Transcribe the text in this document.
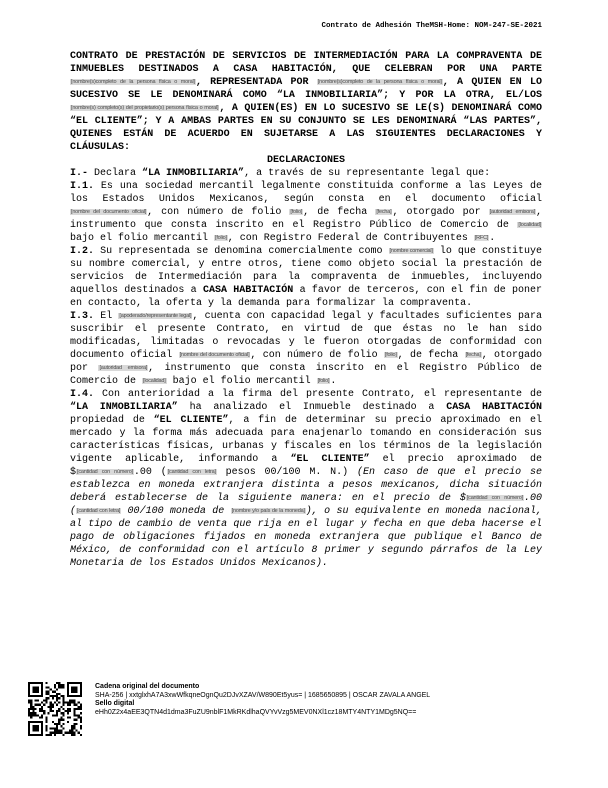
Contrato de Adhesión TheMSH-Home: NOM-247-SE-2021
CONTRATO DE PRESTACIÓN DE SERVICIOS DE INTERMEDIACIÓN PARA LA COMPRAVENTA DE INMUEBLES DESTINADOS A CASA HABITACIÓN, QUE CELEBRAN POR UNA PARTE [nombre(s)completo de la persona física o moral], REPRESENTADA POR [nombre(s)completo de la persona física o moral], A QUIEN EN LO SUCESIVO SE LE DENOMINARÁ COMO “LA INMOBILIARIA”; Y POR LA OTRA, EL/LOS [nombre(s) completo(s) del propietario(s) persona física o moral], A QUIEN(ES) EN LO SUCESIVO SE LE(S) DENOMINARÁ COMO “EL CLIENTE”; Y A AMBAS PARTES EN SU CONJUNTO SE LES DENOMINARÁ “LAS PARTES”, QUIENES ESTÁN DE ACUERDO EN SUJETARSE A LAS SIGUIENTES DECLARACIONES Y CLÁUSULAS:
DECLARACIONES
I.- Declara “LA INMOBILIARIA”, a través de su representante legal que:
I.1. Es una sociedad mercantil legalmente constituida conforme a las Leyes de los Estados Unidos Mexicanos, según consta en el documento oficial [nombre del documento oficial], con número de folio [folio], de fecha [fecha], otorgado por [autoridad emisora], instrumento que consta inscrito en el Registro Público de Comercio de [localidad] bajo el folio mercantil [folio], con Registro Federal de Contribuyentes [RFC].
I.2. Su representada se denomina comercialmente como [nombre comercial] lo que constituye su nombre comercial, y entre otros, tiene como objeto social la prestación de servicios de Intermediación para la compraventa de inmuebles, incluyendo aquellos destinados a CASA HABITACIÓN a favor de terceros, con el fin de poner en contacto, la oferta y la demanda para formalizar la compraventa.
I.3. El [apoderado/representante legal], cuenta con capacidad legal y facultades suficientes para suscribir el presente Contrato, en virtud de que éstas no le han sido modificadas, limitadas o revocadas y le fueron otorgadas de conformidad con documento oficial [nombre del documento oficial], con número de folio [folio], de fecha [fecha], otorgado por [autoridad emisora], instrumento que consta inscrito en el Registro Público de Comercio de [localidad] bajo el folio mercantil [folio].
I.4. Con anterioridad a la firma del presente Contrato, el representante de “LA INMOBILIARIA” ha analizado el Inmueble destinado a CASA HABITACIÓN propiedad de “EL CLIENTE”, a fin de determinar su precio aproximado en el mercado y la forma más adecuada para enajenarlo tomando en consideración sus características físicas, urbanas y fiscales en los términos de la legislación vigente aplicable, informando a “EL CLIENTE” el precio aproximado de $[cantidad con número].00 ([cantidad con letra] pesos 00/100 M. N.) (En caso de que el precio se establezca en moneda extranjera distinta a pesos mexicanos, dicha situación deberá establecerse de la siguiente manera: en el precio de $[cantidad con número].00 ([cantidad con letra] 00/100 moneda de [nombre y/o país de la moneda]), o su equivalente en moneda nacional, al tipo de cambio de venta que rija en el lugar y fecha en que deba hacerse el pago de obligaciones fijados en moneda extranjera que publique el Banco de México, de conformidad con el artículo 8 primer y segundo párrafos de la Ley Monetaria de los Estados Unidos Mexicanos).
Cadena original del documento
SHA-256 | xxtglxhA7A3xwWfkqneOgnQu2DJvXZAV/W890Et5yus= | 1685650895 | OSCAR ZAVALA ANGEL
Sello digital
eHh0Z2x4aEE3QTN4d1dma3FuZU9nblF1MkRKdlhaQVYvVzg5MEV0NXl1cz18MTY4NTY1MDg5NQ==
